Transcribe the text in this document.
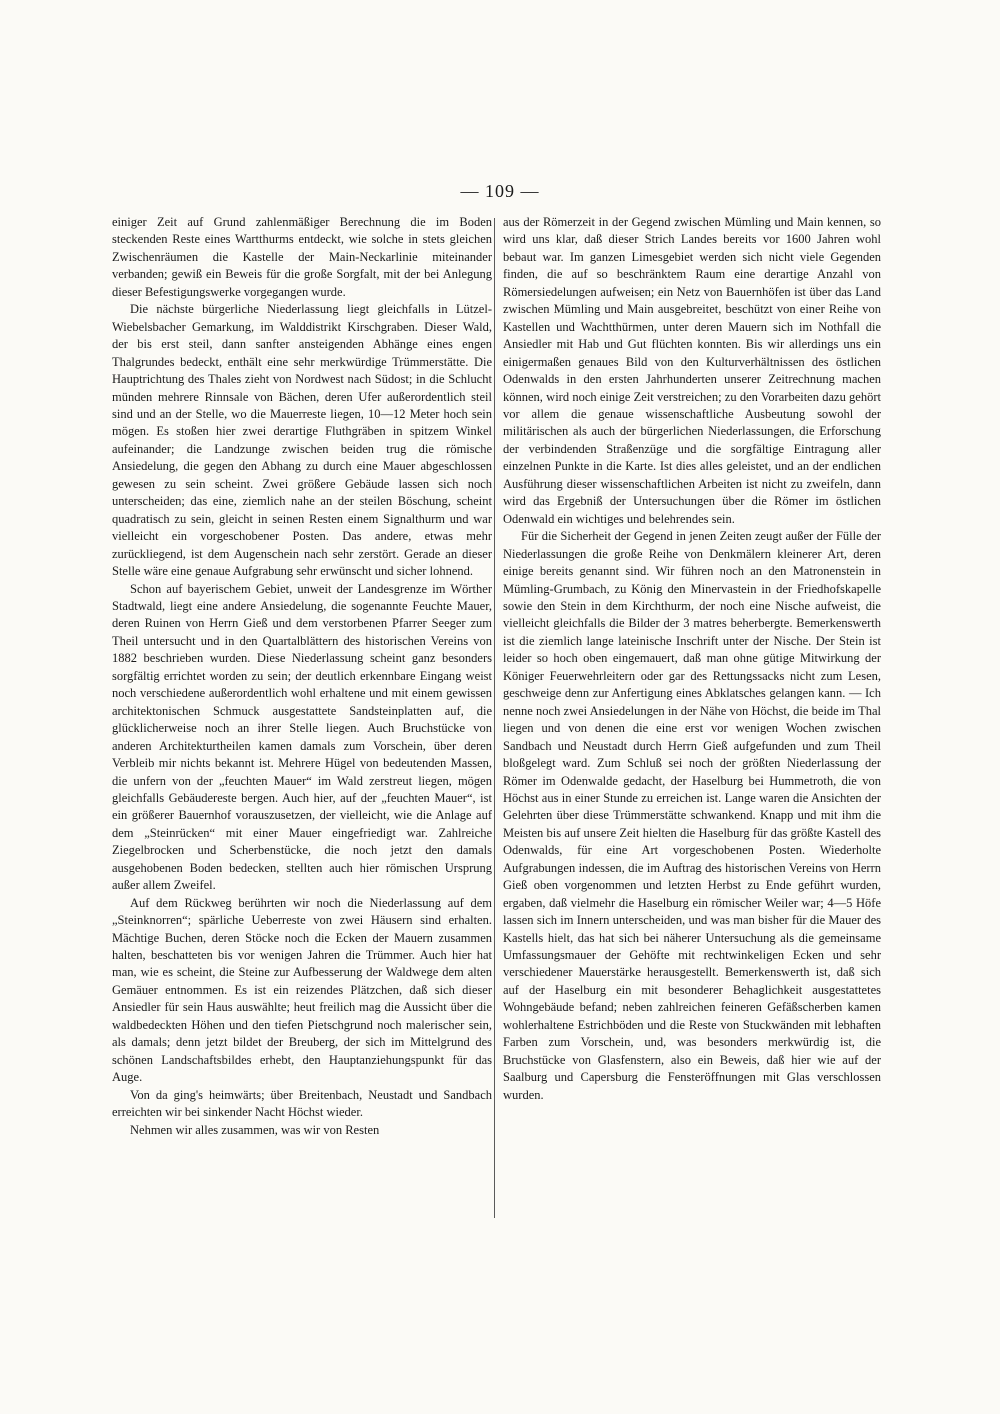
— 109 —

einiger Zeit auf Grund zahlenmäßiger Berechnung die im Boden steckenden Reste eines Wartthurms entdeckt, wie solche in stets gleichen Zwischenräumen die Kastelle der Main-Neckarlinie miteinander verbanden; gewiß ein Beweis für die große Sorgfalt, mit der bei Anlegung dieser Befestigungswerke vorgegangen wurde.

Die nächste bürgerliche Niederlassung liegt gleichfalls in Lützel-Wiebelsbacher Gemarkung, im Walddistrikt Kirschgraben. Dieser Wald, der bis erst steil, dann sanfter ansteigenden Abhänge eines engen Thalgrundes bedeckt, enthält eine sehr merkwürdige Trümmerstätte. Die Hauptrichtung des Thales zieht von Nordwest nach Südost; in die Schlucht münden mehrere Rinnsale von Bächen, deren Ufer außerordentlich steil sind und an der Stelle, wo die Mauerreste liegen, 10—12 Meter hoch sein mögen. Es stoßen hier zwei derartige Fluthgräben in spitzem Winkel aufeinander; die Landzunge zwischen beiden trug die römische Ansiedelung, die gegen den Abhang zu durch eine Mauer abgeschlossen gewesen zu sein scheint. Zwei größere Gebäude lassen sich noch unterscheiden; das eine, ziemlich nahe an der steilen Böschung, scheint quadratisch zu sein, gleicht in seinen Resten einem Signalthurm und war vielleicht ein vorgeschobener Posten. Das andere, etwas mehr zurückliegend, ist dem Augenschein nach sehr zerstört. Gerade an dieser Stelle wäre eine genaue Aufgrabung sehr erwünscht und sicher lohnend.

Schon auf bayerischem Gebiet, unweit der Landesgrenze im Wörther Stadtwald, liegt eine andere Ansiedelung, die sogenannte Feuchte Mauer, deren Ruinen von Herrn Gieß und dem verstorbenen Pfarrer Seeger zum Theil untersucht und in den Quartalblättern des historischen Vereins von 1882 beschrieben wurden. Diese Niederlassung scheint ganz besonders sorgfältig errichtet worden zu sein; der deutlich erkennbare Eingang weist noch verschiedene außerordentlich wohl erhaltene und mit einem gewissen architektonischen Schmuck ausgestattete Sandsteinplatten auf, die glücklicherweise noch an ihrer Stelle liegen. Auch Bruchstücke von anderen Architekturtheilen kamen damals zum Vorschein, über deren Verbleib mir nichts bekannt ist. Mehrere Hügel von bedeutenden Massen, die unfern von der „feuchten Mauer“ im Wald zerstreut liegen, mögen gleichfalls Gebäudereste bergen. Auch hier, auf der „feuchten Mauer“, ist ein größerer Bauernhof vorauszusetzen, der vielleicht, wie die Anlage auf dem „Steinrücken“ mit einer Mauer eingefriedigt war. Zahlreiche Ziegelbrocken und Scherbenstücke, die noch jetzt den damals ausgehobenen Boden bedecken, stellten auch hier römischen Ursprung außer allem Zweifel.

Auf dem Rückweg berührten wir noch die Niederlassung auf dem „Steinknorren“; spärliche Ueberreste von zwei Häusern sind erhalten. Mächtige Buchen, deren Stöcke noch die Ecken der Mauern zusammen halten, beschatteten bis vor wenigen Jahren die Trümmer. Auch hier hat man, wie es scheint, die Steine zur Aufbesserung der Waldwege dem alten Gemäuer entnommen. Es ist ein reizendes Plätzchen, daß sich dieser Ansiedler für sein Haus auswählte; heut freilich mag die Aussicht über die waldbedeckten Höhen und den tiefen Pietschgrund noch malerischer sein, als damals; denn jetzt bildet der Breuberg, der sich im Mittelgrund des schönen Landschaftsbildes erhebt, den Hauptanziehungspunkt für das Auge.

Von da ging's heimwärts; über Breitenbach, Neustadt und Sandbach erreichten wir bei sinkender Nacht Höchst wieder.

Nehmen wir alles zusammen, was wir von Resten

aus der Römerzeit in der Gegend zwischen Mümling und Main kennen, so wird uns klar, daß dieser Strich Landes bereits vor 1600 Jahren wohl bebaut war. Im ganzen Limesgebiet werden sich nicht viele Gegenden finden, die auf so beschränktem Raum eine derartige Anzahl von Römersiedelungen aufweisen; ein Netz von Bauernhöfen ist über das Land zwischen Mümling und Main ausgebreitet, beschützt von einer Reihe von Kastellen und Wachtthürmen, unter deren Mauern sich im Nothfall die Ansiedler mit Hab und Gut flüchten konnten. Bis wir allerdings uns ein einigermaßen genaues Bild von den Kulturverhältnissen des östlichen Odenwalds in den ersten Jahrhunderten unserer Zeitrechnung machen können, wird noch einige Zeit verstreichen; zu den Vorarbeiten dazu gehört vor allem die genaue wissenschaftliche Ausbeutung sowohl der militärischen als auch der bürgerlichen Niederlassungen, die Erforschung der verbindenden Straßenzüge und die sorgfältige Eintragung aller einzelnen Punkte in die Karte. Ist dies alles geleistet, und an der endlichen Ausführung dieser wissenschaftlichen Arbeiten ist nicht zu zweifeln, dann wird das Ergebniß der Untersuchungen über die Römer im östlichen Odenwald ein wichtiges und belehrendes sein.

Für die Sicherheit der Gegend in jenen Zeiten zeugt außer der Fülle der Niederlassungen die große Reihe von Denkmälern kleinerer Art, deren einige bereits genannt sind. Wir führen noch an den Matronenstein in Mümling-Grumbach, zu König den Minervastein in der Friedhofskapelle sowie den Stein in dem Kirchthurm, der noch eine Nische aufweist, die vielleicht gleichfalls die Bilder der 3 matres beherbergte. Bemerkenswerth ist die ziemlich lange lateinische Inschrift unter der Nische. Der Stein ist leider so hoch oben eingemauert, daß man ohne gütige Mitwirkung der Königer Feuerwehrleitern oder gar des Rettungssacks nicht zum Lesen, geschweige denn zur Anfertigung eines Abklatsches gelangen kann. — Ich nenne noch zwei Ansiedelungen in der Nähe von Höchst, die beide im Thal liegen und von denen die eine erst vor wenigen Wochen zwischen Sandbach und Neustadt durch Herrn Gieß aufgefunden und zum Theil bloßgelegt ward. Zum Schluß sei noch der größten Niederlassung der Römer im Odenwalde gedacht, der Haselburg bei Hummetroth, die von Höchst aus in einer Stunde zu erreichen ist. Lange waren die Ansichten der Gelehrten über diese Trümmerstätte schwankend. Knapp und mit ihm die Meisten bis auf unsere Zeit hielten die Haselburg für das größte Kastell des Odenwalds, für eine Art vorgeschobenen Posten. Wiederholte Aufgrabungen indessen, die im Auftrag des historischen Vereins von Herrn Gieß oben vorgenommen und letzten Herbst zu Ende geführt wurden, ergaben, daß vielmehr die Haselburg ein römischer Weiler war; 4—5 Höfe lassen sich im Innern unterscheiden, und was man bisher für die Mauer des Kastells hielt, das hat sich bei näherer Untersuchung als die gemeinsame Umfassungsmauer der Gehöfte mit rechtwinkeligen Ecken und sehr verschiedener Mauerstärke herausgestellt. Bemerkenswerth ist, daß sich auf der Haselburg ein mit besonderer Behaglichkeit ausgestattetes Wohngebäude befand; neben zahlreichen feineren Gefäßscherben kamen wohlerhaltene Estrichböden und die Reste von Stuckwänden mit lebhaften Farben zum Vorschein, und, was besonders merkwürdig ist, die Bruchstücke von Glasfenstern, also ein Beweis, daß hier wie auf der Saalburg und Capersburg die Fensteröffnungen mit Glas verschlossen wurden.
